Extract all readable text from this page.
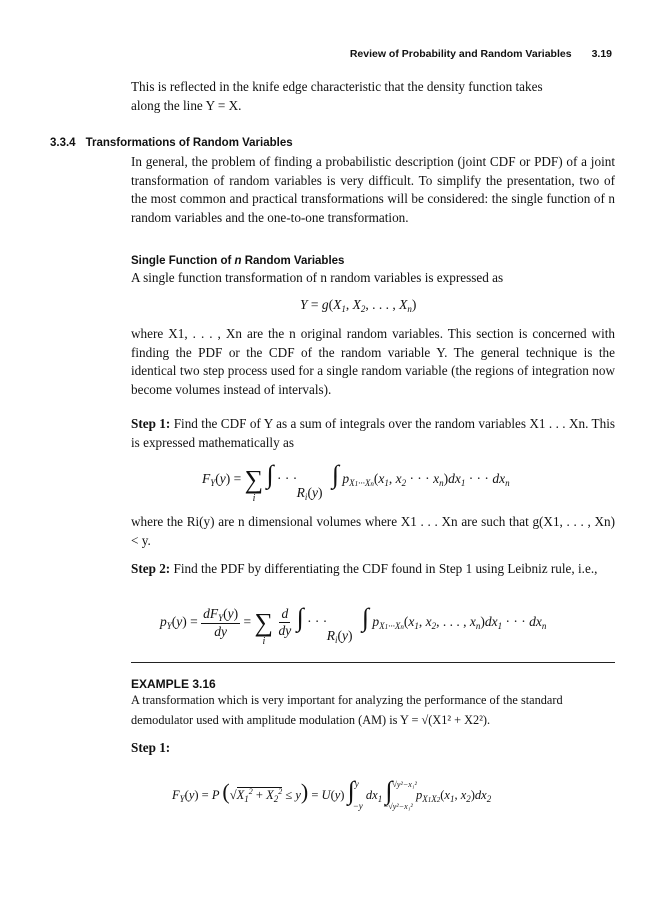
Review of Probability and Random Variables 3.19
This is reflected in the knife edge characteristic that the density function takes
along the line Y = X.
3.3.4 Transformations of Random Variables

In general, the problem of finding a probabilistic description (joint CDF or PDF) of a joint transformation of random variables is very difficult. To simplify the presentation, two of the most common and practical transformations will be considered: the single function of n random variables and the one-to-one transformation.

Single Function of n Random Variables

A single function transformation of n random variables is expressed as

$Y = g(X_1$, $X_2$, . . . , $X_n$)

where X1, . . . , Xn are the n original random variables. This section is concerned with finding the PDF or the CDF of the random variable Y. The general technique is the identical two step process used for a single random variable (the regions of integration now become volumes instead of intervals).

Step 1: Find the CDF of Y as a sum of integrals over the random variables X1 . . . Xn. This is expressed mathematically as

$F_Y(y)$ = ∑
i
∫ · · · $R_i(y)$ ∫ $p_{X1\cdot\cdot\cdot Xn}(x_1$, $x_2$ · · · $x_n)dx_1$ · · · $dx_n$

where the Ri(y) are n dimensional volumes where X1 . . . Xn are such that g(X1, . . . , Xn) < y.

Step 2: Find the PDF by differentiating the CDF found in Step 1 using Leibniz rule, i.e.,

$p_Y(y) = \frac{dF_Y(y)}{dy}$ = ∑
i

$\frac{d}{dy}$ ∫ · · · $R_i(y)$ ∫ $p_{X1\cdot\cdot\cdot Xn}(x_1$, $x_2$, . . . , $x_n)dx_1$ · · · $dx_n$
EXAMPLE 3.16
A transformation which is very important for analyzing the performance of the standard
demodulator used with amplitude modulation (AM) is Y = √(X1² + X2²).
Step 1:
$F_Y(y) = P$ $(√X_1^2 + X_2^2 \le y) = U(y)$ ∫$^y_{-y}$ $dx_1$ ∫$^{√y^2-x_1^2}_{-√y^2-x_1^2}$ $p_{X1X2}(x_1$, $x_2)dx_2$
